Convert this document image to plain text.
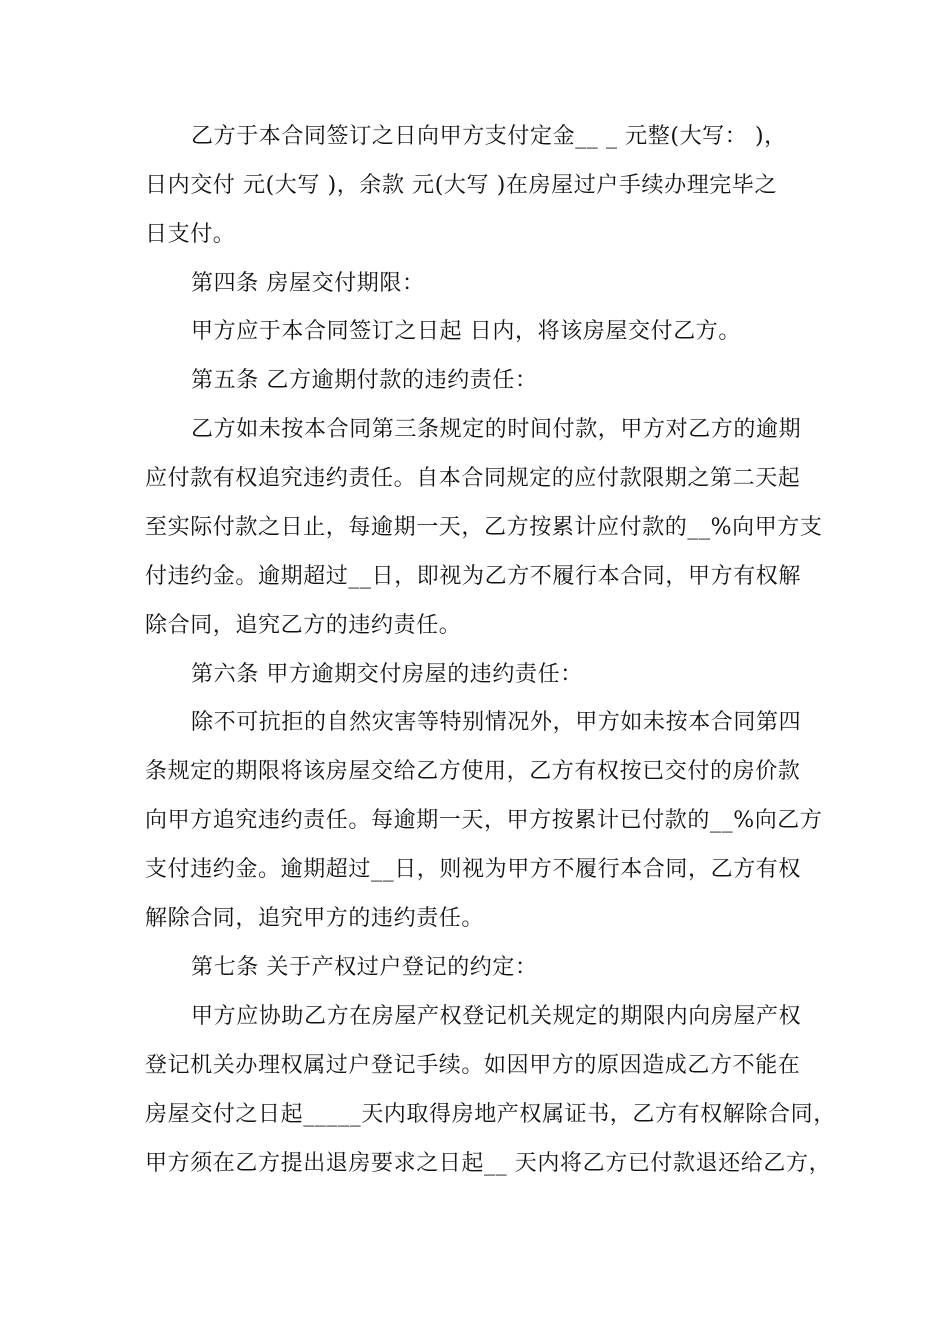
乙方于本合同签订之日向甲方支付定金__ _ 元整(大写： )，
日内交付 元(大写 )，余款 元(大写 )在房屋过户手续办理完毕之
日支付。
第四条 房屋交付期限：
甲方应于本合同签订之日起 日内，将该房屋交付乙方。
第五条 乙方逾期付款的违约责任：
乙方如未按本合同第三条规定的时间付款，甲方对乙方的逾期
应付款有权追究违约责任。自本合同规定的应付款限期之第二天起
至实际付款之日止，每逾期一天，乙方按累计应付款的__%向甲方支
付违约金。逾期超过__日，即视为乙方不履行本合同，甲方有权解
除合同，追究乙方的违约责任。
第六条 甲方逾期交付房屋的违约责任：
除不可抗拒的自然灾害等特别情况外，甲方如未按本合同第四
条规定的期限将该房屋交给乙方使用，乙方有权按已交付的房价款
向甲方追究违约责任。每逾期一天，甲方按累计已付款的__%向乙方
支付违约金。逾期超过__日，则视为甲方不履行本合同，乙方有权
解除合同，追究甲方的违约责任。
第七条 关于产权过户登记的约定：
甲方应协助乙方在房屋产权登记机关规定的期限内向房屋产权
登记机关办理权属过户登记手续。如因甲方的原因造成乙方不能在
房屋交付之日起_____天内取得房地产权属证书，乙方有权解除合同，
甲方须在乙方提出退房要求之日起__ 天内将乙方已付款退还给乙方，
